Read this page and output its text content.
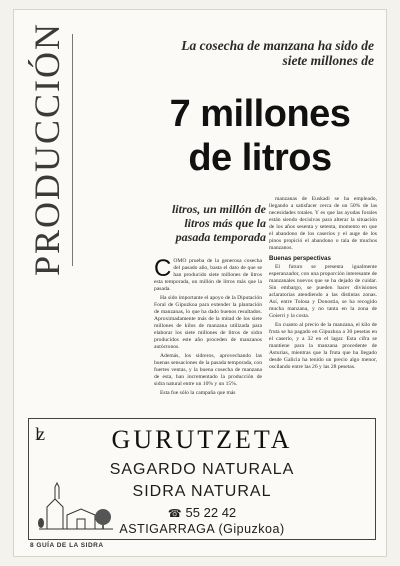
PRODUCCIÓN	La cosecha de manzana ha sido de siete millones de
7 millones
de litros
litros, un millón de litros más que la pasada temporada

COMO prueba de la generosa cosecha del pasado año, basta el dato de que se han producido siete millones de litros esta temporada, un millón de litros más que la pasada.

Ha sido importante el apoyo de la Diputación Foral de Gipuzkoa para extender la plantación de manzanas, lo que ha dado buenos resultados. Aproximadamente más de la mitad de los siete millones de kilos de manzana utilizada para elaborar los siete millones de litros de sidra producidos este año proceden de manzanos autóctonos.

Además, los sidreros, aprovechando las buenas sensaciones de la pasada temporada, con fuertes ventas, y la buena cosecha de manzana de esta, han incrementado la producción de sidra natural entre un 10% y un 15%.

Esta fue sólo la campaña que más

manzanas de Euskadi se ha empleado, llegando a satisfacer cerca de un 50% de las necesidades totales. Y es que las ayudas forales están siendo decisivas para alterar la situación de los años sesenta y setenta, momento en que el abandono de los caseríos y el auge de los pinos propició el abandono o tala de muchos manzanos.

Buenas perspectivas

El futuro se presenta igualmente esperanzador, con una proporción interesante de manzanales nuevos que se ha dejado de cuidar. Sin embargo, se pueden hacer divisiones aclaratorias atendiendo a las distintas zonas. Así, entre Tolosa y Donostia, se ha recogido mucha manzana, y no tanta en la zona de Goierri y la costa.

En cuanto al precio de la manzana, el kilo de fruta se ha pagado en Gipuzkoa a 30 pesetas en el caserío, y a 32 en el lagar. Esta cifra se mantiene para la manzana procedente de Asturias, mientras que la fruta que ha llegado desde Galicia ha tenido un precio algo menor, oscilando entre las 26 y las 28 pesetas.

ʫ	GURUTZETA
SAGARDO NATURALA
SIDRA NATURAL
☎ 55 22 42
ASTIGARRAGA (Gipuzkoa)
8 GUÍA DE LA SIDRA
